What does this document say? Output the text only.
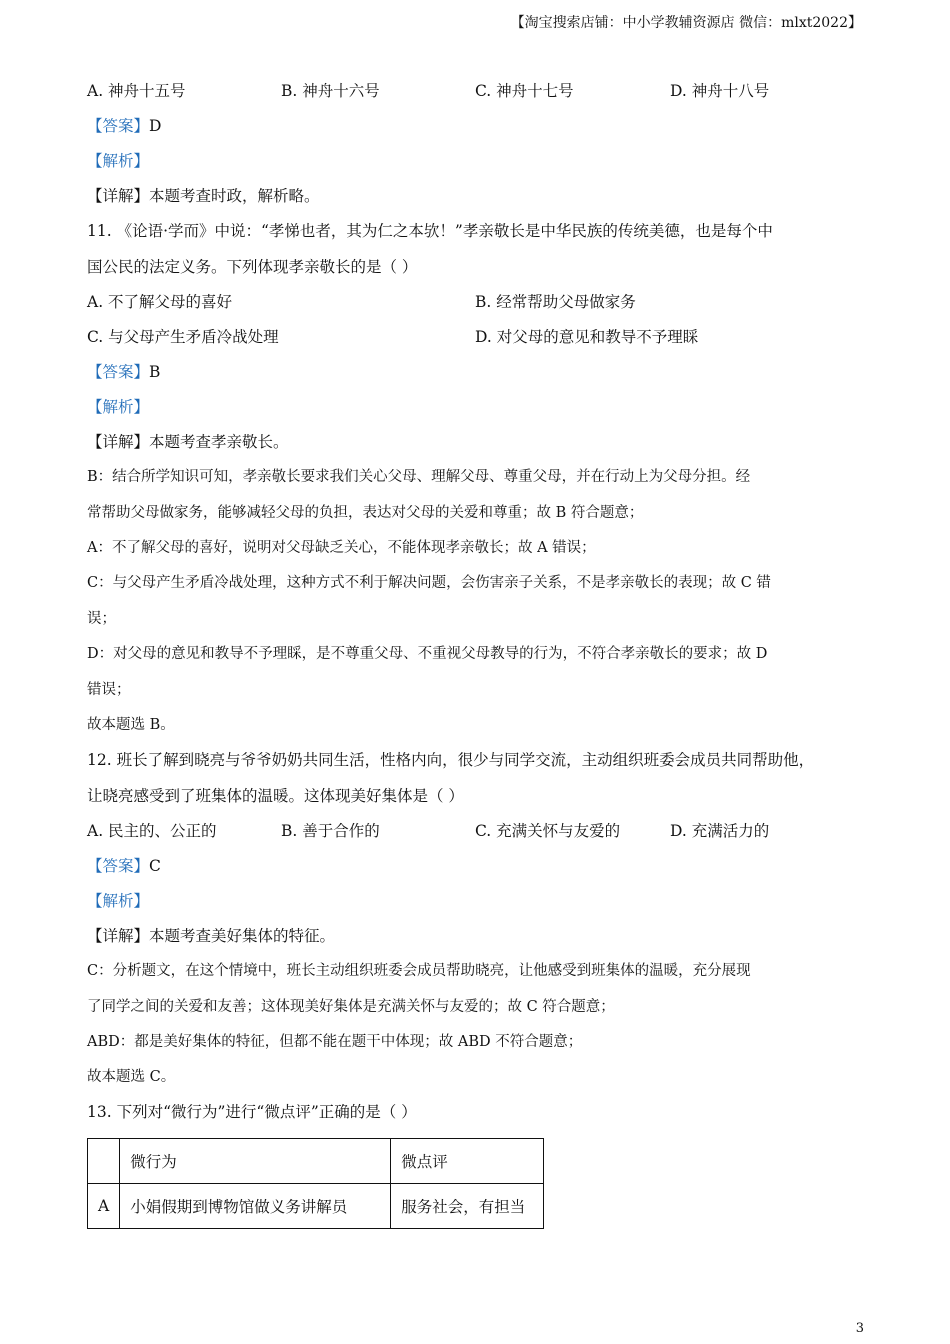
【淘宝搜索店铺：中小学教辅资源店 微信：mlxt2022】
A. 神舟十五号	B. 神舟十六号	C. 神舟十七号	D. 神舟十八号
【答案】D
【解析】
【详解】本题考查时政，解析略。
11. 《论语·学而》中说：“孝悌也者，其为仁之本欤！”孝亲敬长是中华民族的传统美德，也是每个中
国公民的法定义务。下列体现孝亲敬长的是（ ）
A. 不了解父母的喜好	B. 经常帮助父母做家务
C. 与父母产生矛盾冷战处理	D. 对父母的意见和教导不予理睬
【答案】B
【解析】
【详解】本题考查孝亲敬长。
B：结合所学知识可知，孝亲敬长要求我们关心父母、理解父母、尊重父母，并在行动上为父母分担。经
常帮助父母做家务，能够减轻父母的负担，表达对父母的关爱和尊重；故 B 符合题意；
A：不了解父母的喜好，说明对父母缺乏关心，不能体现孝亲敬长；故 A 错误；
C：与父母产生矛盾冷战处理，这种方式不利于解决问题，会伤害亲子关系，不是孝亲敬长的表现；故 C 错
误；
D：对父母的意见和教导不予理睬，是不尊重父母、不重视父母教导的行为，不符合孝亲敬长的要求；故 D
错误；
故本题选 B。
12. 班长了解到晓亮与爷爷奶奶共同生活，性格内向，很少与同学交流，主动组织班委会成员共同帮助他，
让晓亮感受到了班集体的温暖。这体现美好集体是（ ）
A. 民主的、公正的	B. 善于合作的	C. 充满关怀与友爱的	D. 充满活力的
【答案】C
【解析】
【详解】本题考查美好集体的特征。
C：分析题文，在这个情境中，班长主动组织班委会成员帮助晓亮，让他感受到班集体的温暖，充分展现
了同学之间的关爱和友善；这体现美好集体是充满关怀与友爱的；故 C 符合题意；
ABD：都是美好集体的特征，但都不能在题干中体现；故 ABD 不符合题意；
故本题选 C。
13. 下列对“微行为”进行“微点评”正确的是（ ）
	微行为	微点评
A	小娟假期到博物馆做义务讲解员	服务社会，有担当
3
